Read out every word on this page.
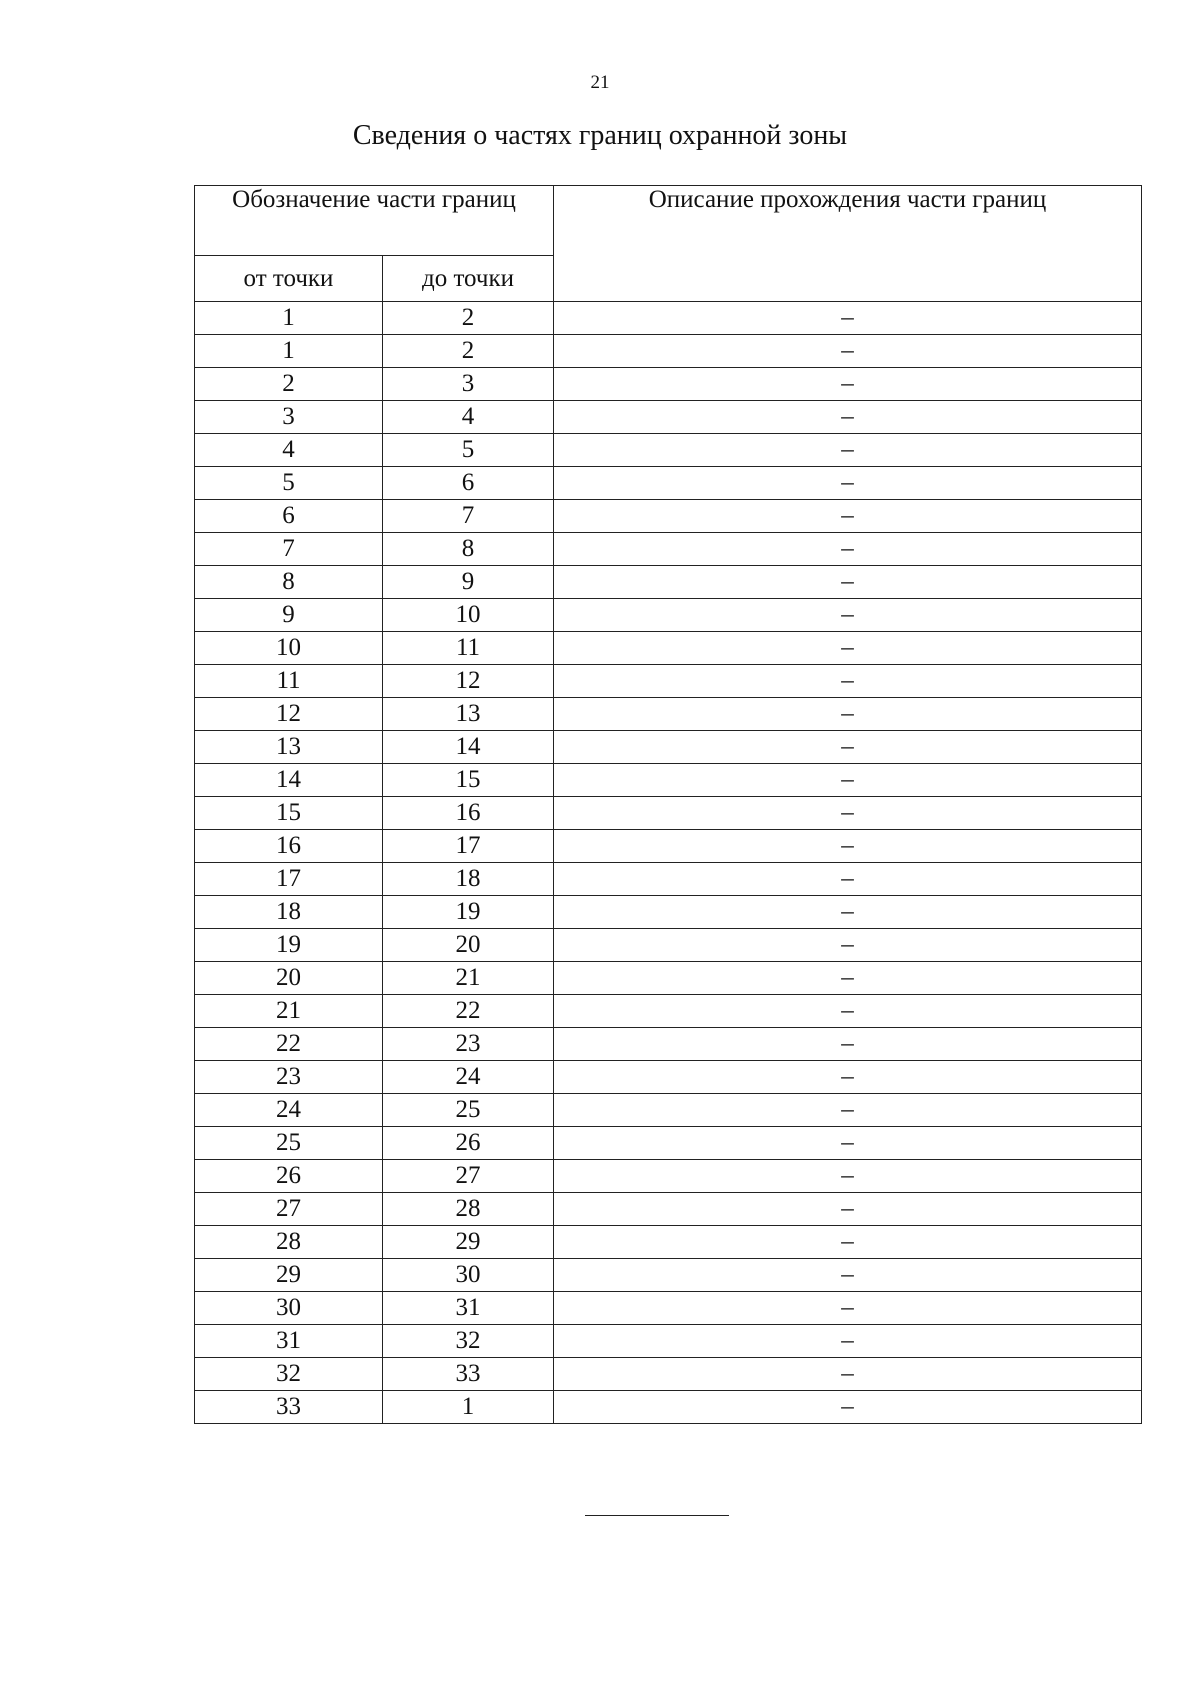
21
Сведения о частях границ охранной зоны
Обозначение части границ		Описание прохождения части границ
от точки	до точки	
1	2	–
1	2	–
2	3	–
3	4	–
4	5	–
5	6	–
6	7	–
7	8	–
8	9	–
9	10	–
10	11	–
11	12	–
12	13	–
13	14	–
14	15	–
15	16	–
16	17	–
17	18	–
18	19	–
19	20	–
20	21	–
21	22	–
22	23	–
23	24	–
24	25	–
25	26	–
26	27	–
27	28	–
28	29	–
29	30	–
30	31	–
31	32	–
32	33	–
33	1	–
